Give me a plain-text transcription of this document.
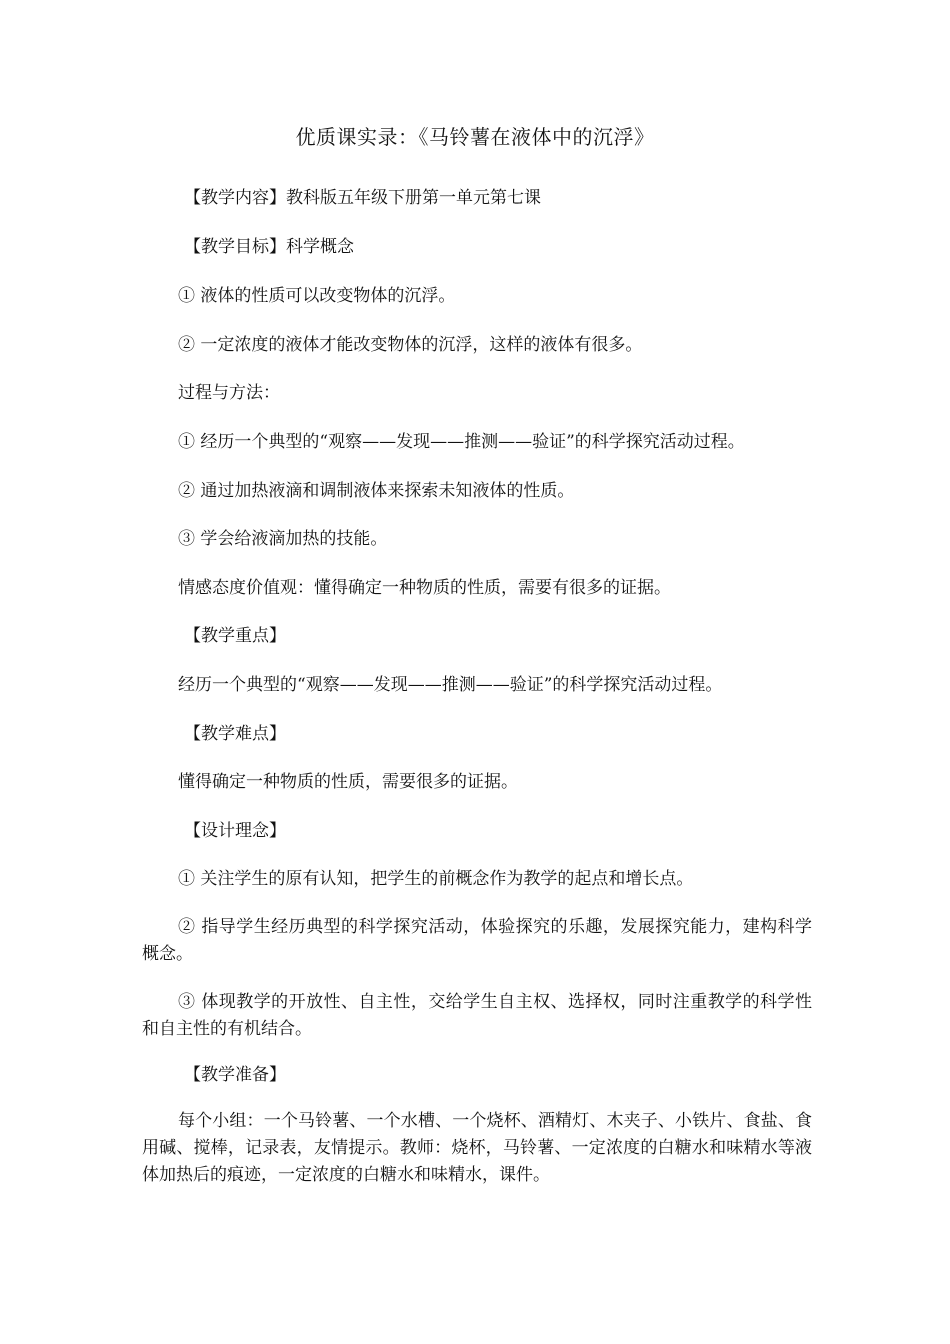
优质课实录：《马铃薯在液体中的沉浮》
【教学内容】教科版五年级下册第一单元第七课
【教学目标】科学概念
① 液体的性质可以改变物体的沉浮。
② 一定浓度的液体才能改变物体的沉浮，这样的液体有很多。
过程与方法：
① 经历一个典型的“观察——发现——推测——验证”的科学探究活动过程。
② 通过加热液滴和调制液体来探索未知液体的性质。
③ 学会给液滴加热的技能。
情感态度价值观：懂得确定一种物质的性质，需要有很多的证据。
【教学重点】
经历一个典型的“观察——发现——推测——验证”的科学探究活动过程。
【教学难点】
懂得确定一种物质的性质，需要很多的证据。
【设计理念】
① 关注学生的原有认知，把学生的前概念作为教学的起点和增长点。
② 指导学生经历典型的科学探究活动，体验探究的乐趣，发展探究能力，建构科学概念。
③ 体现教学的开放性、自主性，交给学生自主权、选择权，同时注重教学的科学性和自主性的有机结合。
【教学准备】
每个小组：一个马铃薯、一个水槽、一个烧杯、酒精灯、木夹子、小铁片、食盐、食用碱、搅棒，记录表，友情提示。教师：烧杯，马铃薯、一定浓度的白糖水和味精水等液体加热后的痕迹，一定浓度的白糖水和味精水，课件。
